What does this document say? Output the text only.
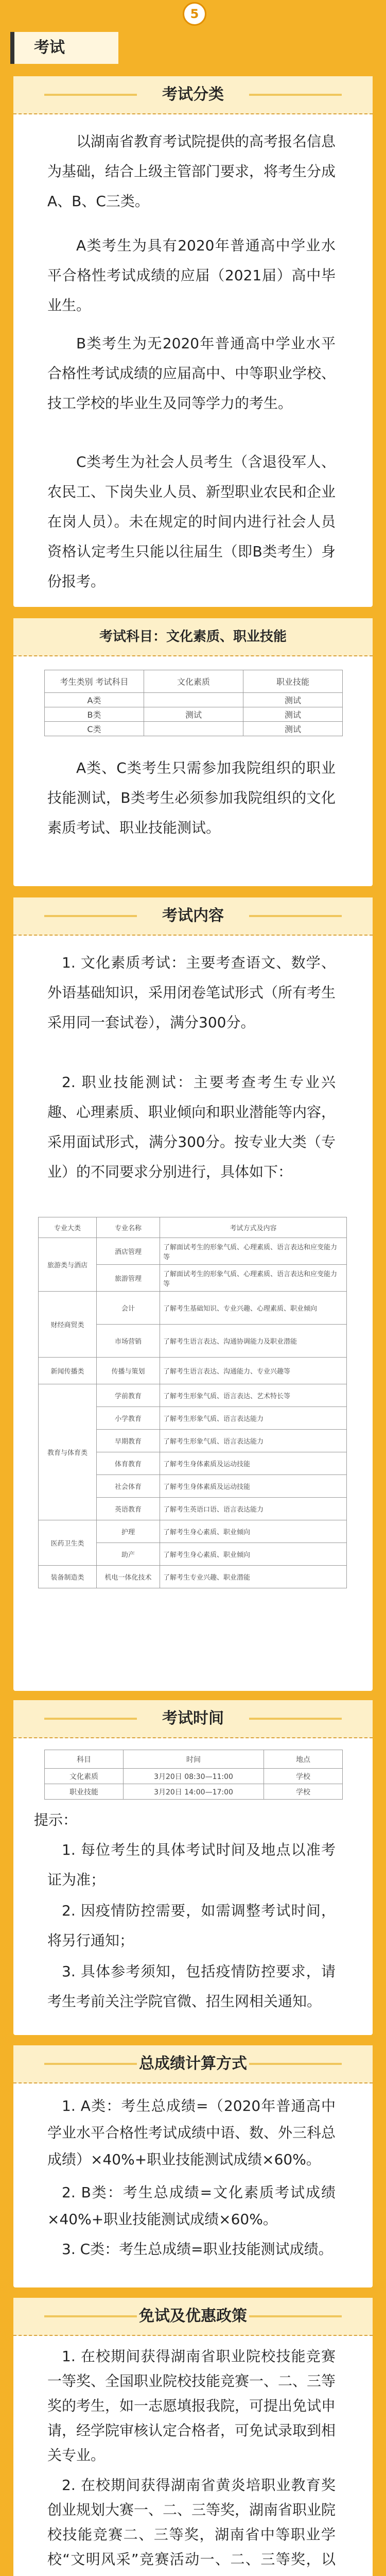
5
考试
考试分类
以湖南省教育考试院提供的高考报名信息为基础，结合上级主管部门要求，将考生分成A、B、C三类。
A类考生为具有2020年普通高中学业水平合格性考试成绩的应届（2021届）高中毕业生。
B类考生为无2020年普通高中学业水平合格性考试成绩的应届高中、中等职业学校、技工学校的毕业生及同等学力的考生。
C类考生为社会人员考生（含退役军人、农民工、下岗失业人员、新型职业农民和企业在岗人员）。未在规定的时间内进行社会人员资格认定考生只能以往届生（即B类考生）身份报考。
考试科目：文化素质、职业技能
考生类别 考试科目	文化素质	职业技能
A类		测试
B类	测试	测试
C类		测试
A类、C类考生只需参加我院组织的职业技能测试，B类考生必须参加我院组织的文化素质考试、职业技能测试。
考试内容
1. 文化素质考试：主要考查语文、数学、外语基础知识，采用闭卷笔试形式（所有考生采用同一套试卷），满分300分。
2. 职业技能测试：主要考查考生专业兴趣、心理素质、职业倾向和职业潜能等内容，采用面试形式，满分300分。按专业大类（专业）的不同要求分别进行，具体如下：
专业大类	专业名称	考试方式及内容
旅游类与酒店	酒店管理	了解面试考生的形象气质、心理素质、语言表达和应变能力等
	旅游管理	了解面试考生的形象气质、心理素质、语言表达和应变能力等
财经商贸类	会计	了解考生基础知识、专业兴趣、心理素质、职业倾向
	市场营销	了解考生语言表达、沟通协调能力及职业潜能
新闻传播类	传播与策划	了解考生语言表达、沟通能力、专业兴趣等
教育与体育类	学前教育	了解考生形象气质、语言表达、艺术特长等
	小学教育	了解考生形象气质、语言表达能力
	早期教育	了解考生形象气质、语言表达能力
	体育教育	了解考生身体素质及运动技能
	社会体育	了解考生身体素质及运动技能
	英语教育	了解考生英语口语、语言表达能力
医药卫生类	护理	了解考生身心素质、职业倾向
	助产	了解考生身心素质、职业倾向
装备制造类	机电一体化技术	了解考生专业兴趣、职业潜能
考试时间
科目	时间	地点
文化素质	3月20日 08:30—11:00	学校
职业技能	3月20日 14:00—17:00	学校
提示：
1. 每位考生的具体考试时间及地点以准考证为准；
2. 因疫情防控需要，如需调整考试时间，将另行通知；
3. 具体参考须知，包括疫情防控要求，请考生考前关注学院官微、招生网相关通知。
总成绩计算方式
1. A类：考生总成绩=（2020年普通高中学业水平合格性考试成绩中语、数、外三科总成绩）×40%+职业技能测试成绩×60%。
2. B类：考生总成绩=文化素质考试成绩×40%+职业技能测试成绩×60%。
3. C类：考生总成绩=职业技能测试成绩。
免试及优惠政策
1. 在校期间获得湖南省职业院校技能竞赛一等奖、全国职业院校技能竞赛一、二、三等奖的考生，如一志愿填报我院，可提出免试申请，经学院审核认定合格者，可免试录取到相关专业。
2. 在校期间获得湖南省黄炎培职业教育奖创业规划大赛一、二、三等奖，湖南省职业院校技能竞赛二、三等奖，湖南省中等职业学校“文明风采”竞赛活动一、二、三等奖，以
